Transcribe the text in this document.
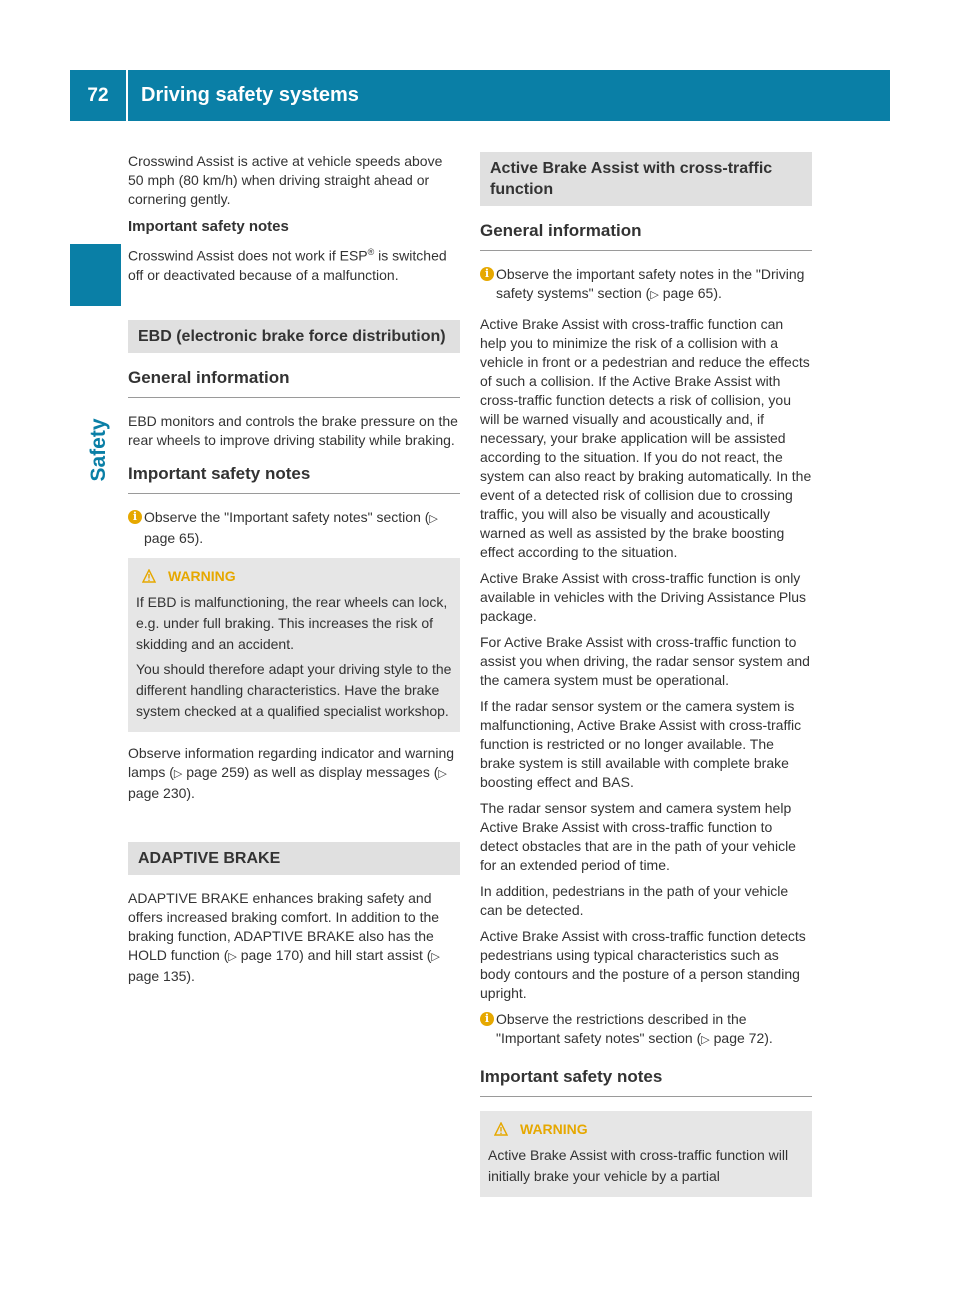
72	Driving safety systems
Safety

Crosswind Assist is active at vehicle speeds above 50 mph (80 km/h) when driving straight ahead or cornering gently.

Important safety notes

Crosswind Assist does not work if ESP® is switched off or deactivated because of a malfunction.

EBD (electronic brake force distribution)
General information

EBD monitors and controls the brake pressure on the rear wheels to improve driving stability while braking.

Important safety notes
i Observe the "Important safety notes" section (▷ page 65).
WARNING

If EBD is malfunctioning, the rear wheels can lock, e.g. under full braking. This increases the risk of skidding and an accident.

You should therefore adapt your driving style to the different handling characteristics. Have the brake system checked at a qualified specialist workshop.

Observe information regarding indicator and warning lamps (▷ page 259) as well as display messages (▷ page 230).

ADAPTIVE BRAKE

ADAPTIVE BRAKE enhances braking safety and offers increased braking comfort. In addition to the braking function, ADAPTIVE BRAKE also has the HOLD function (▷ page 170) and hill start assist (▷ page 135).

Active Brake Assist with cross-traffic function
General information
i Observe the important safety notes in the "Driving safety systems" section (▷ page 65).

Active Brake Assist with cross-traffic function can help you to minimize the risk of a collision with a vehicle in front or a pedestrian and reduce the effects of such a collision. If the Active Brake Assist with cross-traffic function detects a risk of collision, you will be warned visually and acoustically and, if necessary, your brake application will be assisted according to the situation. If you do not react, the system can also react by braking automatically. In the event of a detected risk of collision due to crossing traffic, you will also be visually and acoustically warned as well as assisted by the brake boosting effect according to the situation.

Active Brake Assist with cross-traffic function is only available in vehicles with the Driving Assistance Plus package.

For Active Brake Assist with cross-traffic function to assist you when driving, the radar sensor system and the camera system must be operational.

If the radar sensor system or the camera system is malfunctioning, Active Brake Assist with cross-traffic function is restricted or no longer available. The brake system is still available with complete brake boosting effect and BAS.

The radar sensor system and camera system help Active Brake Assist with cross-traffic function to detect obstacles that are in the path of your vehicle for an extended period of time.

In addition, pedestrians in the path of your vehicle can be detected.

Active Brake Assist with cross-traffic function detects pedestrians using typical characteristics such as body contours and the posture of a person standing upright.

i Observe the restrictions described in the "Important safety notes" section (▷ page 72).
Important safety notes
WARNING

Active Brake Assist with cross-traffic function will initially brake your vehicle by a partial
